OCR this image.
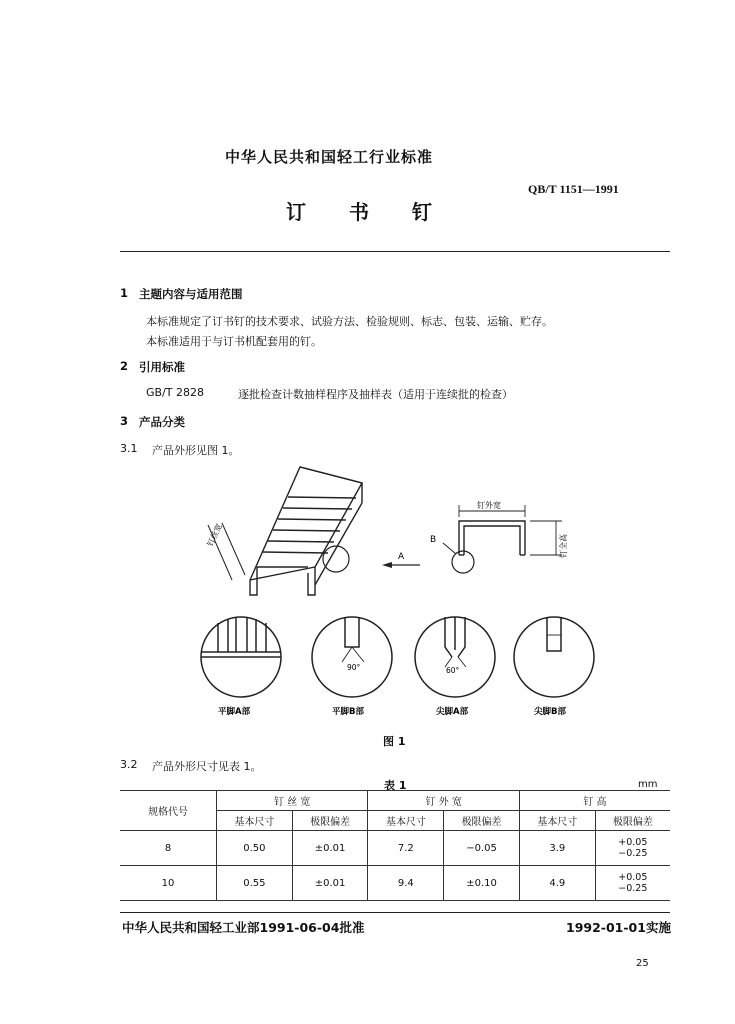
中华人民共和国轻工行业标准
QB/T 1151—1991
订 书 钉
1 主题内容与适用范围
本标准规定了订书钉的技术要求、试验方法、检验规则、标志、包装、运输、贮存。
本标准适用于与订书机配套用的钉。
2 引用标准
GB/T 2828	逐批检查计数抽样程序及抽样表（适用于连续批的检查）
3 产品分类
3.1 产品外形见图 1。
钉丝宽
A
B
钉外宽
钉全高
90°	60°
平脚A部	平脚B部	尖脚A部	尖脚B部
图 1
3.2 产品外形尺寸见表 1。
表 1	mm
规格代号	钉 丝 宽		钉 外 宽		钉 高	
	基本尺寸	极限偏差	基本尺寸	极限偏差	基本尺寸	极限偏差
8	0.50	±0.01	7.2	−0.05	3.9	+0.05
−0.25
10	0.55	±0.01	9.4	±0.10	4.9	+0.05
−0.25
中华人民共和国轻工业部1991-06-04批准	1992-01-01实施
25
